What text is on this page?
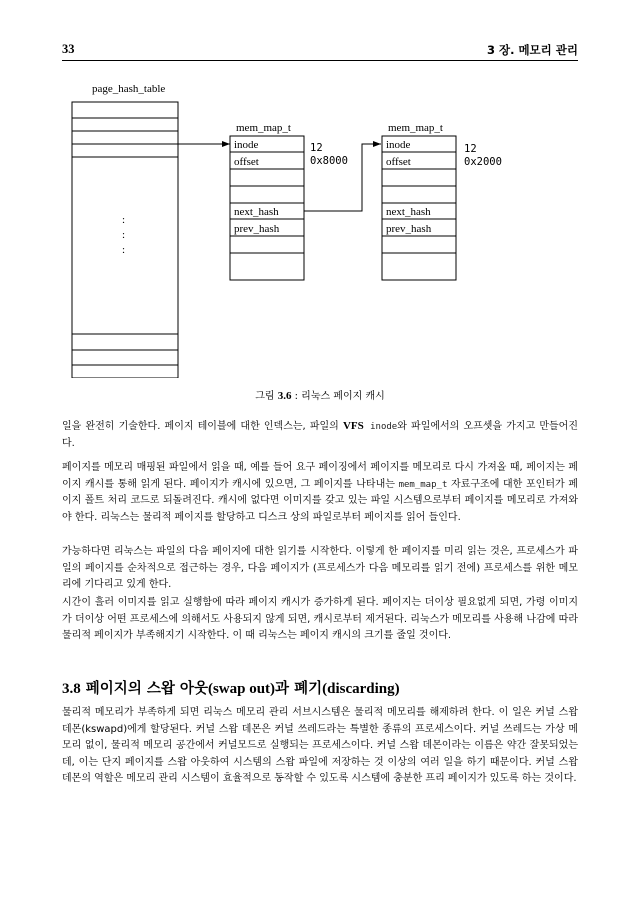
33	3 장. 메모리 관리
page_hash_table
:
:
:
mem_map_t
inode
offset
next_hash
prev_hash
12
0x8000
mem_map_t
inode
offset
next_hash
prev_hash
12
0x2000
그림 3.6 : 리눅스 페이지 캐시

일을 완전히 기술한다. 페이지 테이블에 대한 인덱스는, 파일의 VFS inode와 파일에서의 오프셋을 가지고 만들어진다.

페이지를 메모리 매핑된 파일에서 읽을 때, 예를 들어 요구 페이징에서 페이지를 메모리로 다시 가져올 때, 페이지는 페이지 캐시를 통해 읽게 된다. 페이지가 캐시에 있으면, 그 페이지를 나타내는 mem_map_t 자료구조에 대한 포인터가 페이지 폴트 처리 코드로 되돌려진다. 캐시에 없다면 이미지를 갖고 있는 파일 시스템으로부터 페이지를 메모리로 가져와야 한다. 리눅스는 물리적 페이지를 할당하고 디스크 상의 파일로부터 페이지를 읽어 들인다.

가능하다면 리눅스는 파일의 다음 페이지에 대한 읽기를 시작한다. 이렇게 한 페이지를 미리 읽는 것은, 프로세스가 파일의 페이지를 순차적으로 접근하는 경우, 다음 페이지가 (프로세스가 다음 메모리를 읽기 전에) 프로세스를 위한 메모리에 기다리고 있게 한다.

시간이 흘러 이미지를 읽고 실행함에 따라 페이지 캐시가 증가하게 된다. 페이지는 더이상 필요없게 되면, 가령 이미지가 더이상 어떤 프로세스에 의해서도 사용되지 않게 되면, 캐시로부터 제거된다. 리눅스가 메모리를 사용해 나감에 따라 물리적 페이지가 부족해지기 시작한다. 이 때 리눅스는 페이지 캐시의 크기를 줄일 것이다.

3.8 페이지의 스왑 아웃(swap out)과 폐기(discarding)

물리적 메모리가 부족하게 되면 리눅스 메모리 관리 서브시스템은 물리적 메모리를 해제하려 한다. 이 일은 커널 스왑 데몬(kswapd)에게 할당된다. 커널 스왑 데몬은 커널 쓰레드라는 특별한 종류의 프로세스이다. 커널 쓰레드는 가상 메모리 없이, 물리적 메모리 공간에서 커널모드로 실행되는 프로세스이다. 커널 스왑 데몬이라는 이름은 약간 잘못되었는데, 이는 단지 페이지를 스왑 아웃하여 시스템의 스왑 파일에 저장하는 것 이상의 여러 일을 하기 때문이다. 커널 스왑 데몬의 역할은 메모리 관리 시스템이 효율적으로 동작할 수 있도록 시스템에 충분한 프리 페이지가 있도록 하는 것이다.
